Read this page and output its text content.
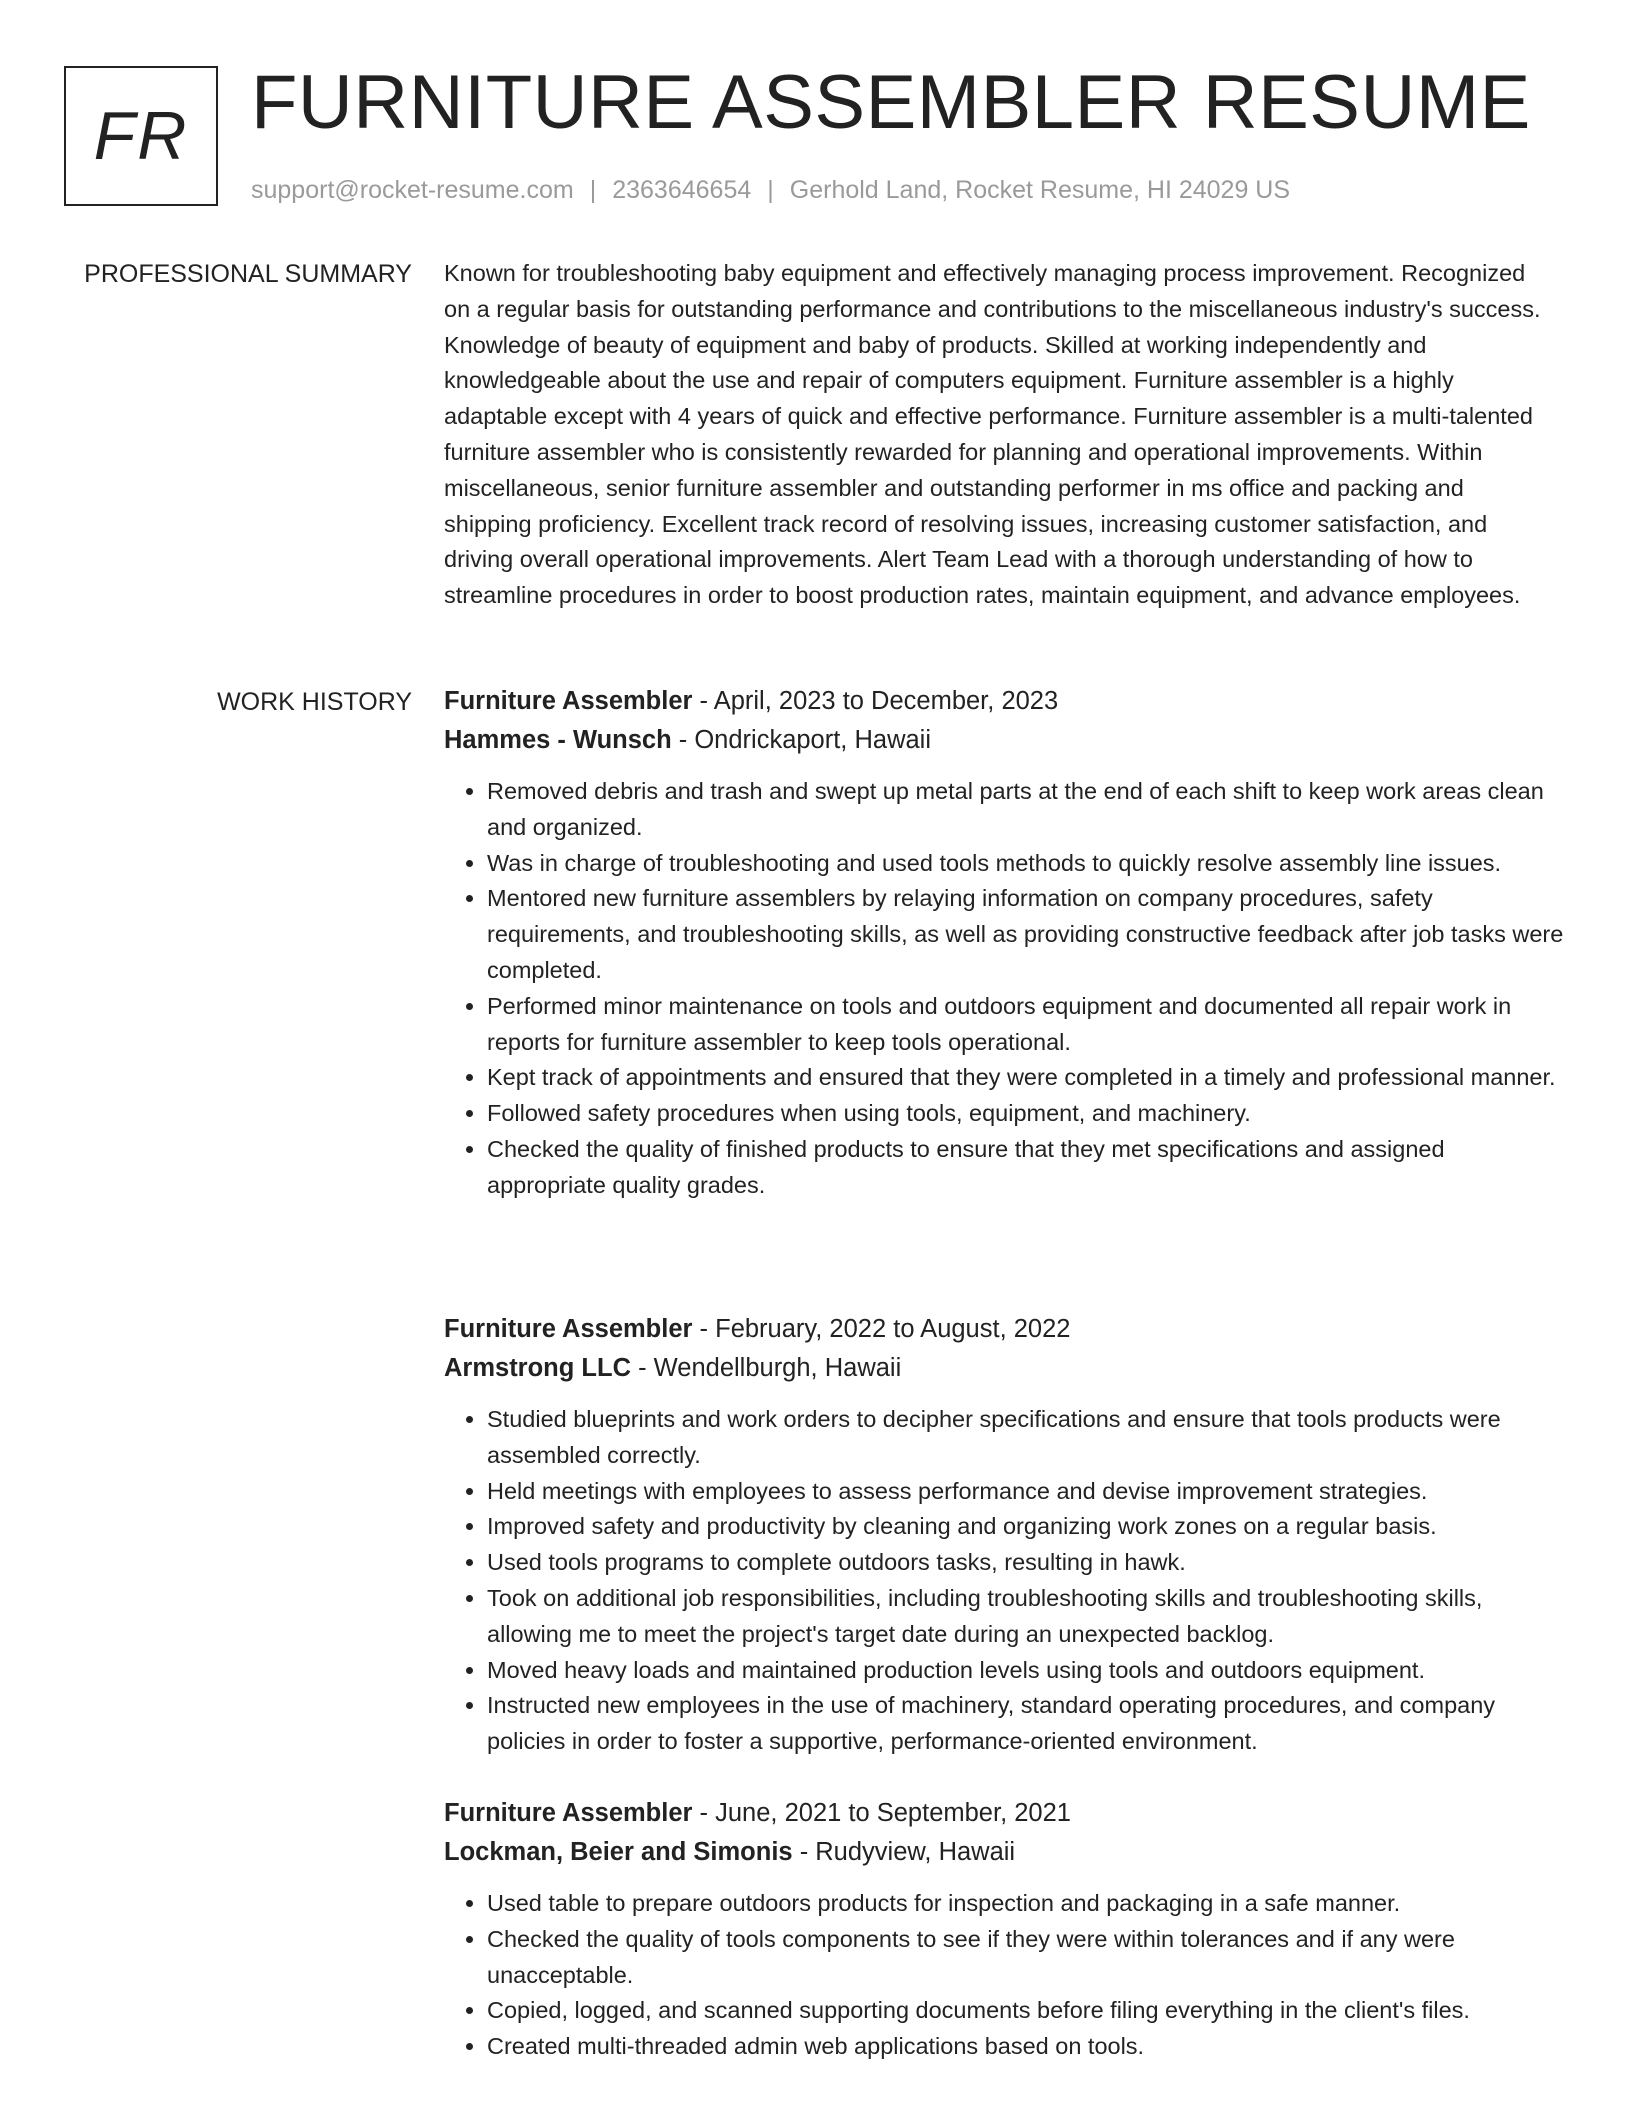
FR FURNITURE ASSEMBLER RESUME
support@rocket-resume.com | 2363646654 | Gerhold Land, Rocket Resume, HI 24029 US
PROFESSIONAL SUMMARY Known for troubleshooting baby equipment and effectively managing process improvement. Recognized on a regular basis for outstanding performance and contributions to the miscellaneous industry's success. Knowledge of beauty of equipment and baby of products. Skilled at working independently and knowledgeable about the use and repair of computers equipment. Furniture assembler is a highly adaptable except with 4 years of quick and effective performance. Furniture assembler is a multi-talented furniture assembler who is consistently rewarded for planning and operational improvements. Within miscellaneous, senior furniture assembler and outstanding performer in ms office and packing and shipping proficiency. Excellent track record of resolving issues, increasing customer satisfaction, and driving overall operational improvements. Alert Team Lead with a thorough understanding of how to streamline procedures in order to boost production rates, maintain equipment, and advance employees.
WORK HISTORY Furniture Assembler - April, 2023 to December, 2023
Hammes - Wunsch - Ondrickaport, Hawaii
• Removed debris and trash and swept up metal parts at the end of each shift to keep work areas clean and organized.
• Was in charge of troubleshooting and used tools methods to quickly resolve assembly line issues.
• Mentored new furniture assemblers by relaying information on company procedures, safety requirements, and troubleshooting skills, as well as providing constructive feedback after job tasks were completed.
• Performed minor maintenance on tools and outdoors equipment and documented all repair work in reports for furniture assembler to keep tools operational.
• Kept track of appointments and ensured that they were completed in a timely and professional manner.
• Followed safety procedures when using tools, equipment, and machinery.
• Checked the quality of finished products to ensure that they met specifications and assigned appropriate quality grades.
Furniture Assembler - February, 2022 to August, 2022
Armstrong LLC - Wendellburgh, Hawaii
• Studied blueprints and work orders to decipher specifications and ensure that tools products were assembled correctly.
• Held meetings with employees to assess performance and devise improvement strategies.
• Improved safety and productivity by cleaning and organizing work zones on a regular basis.
• Used tools programs to complete outdoors tasks, resulting in hawk.
• Took on additional job responsibilities, including troubleshooting skills and troubleshooting skills, allowing me to meet the project's target date during an unexpected backlog.
• Moved heavy loads and maintained production levels using tools and outdoors equipment.
• Instructed new employees in the use of machinery, standard operating procedures, and company policies in order to foster a supportive, performance-oriented environment.
Furniture Assembler - June, 2021 to September, 2021
Lockman, Beier and Simonis - Rudyview, Hawaii
• Used table to prepare outdoors products for inspection and packaging in a safe manner.
• Checked the quality of tools components to see if they were within tolerances and if any were unacceptable.
• Copied, logged, and scanned supporting documents before filing everything in the client's files.
• Created multi-threaded admin web applications based on tools.
